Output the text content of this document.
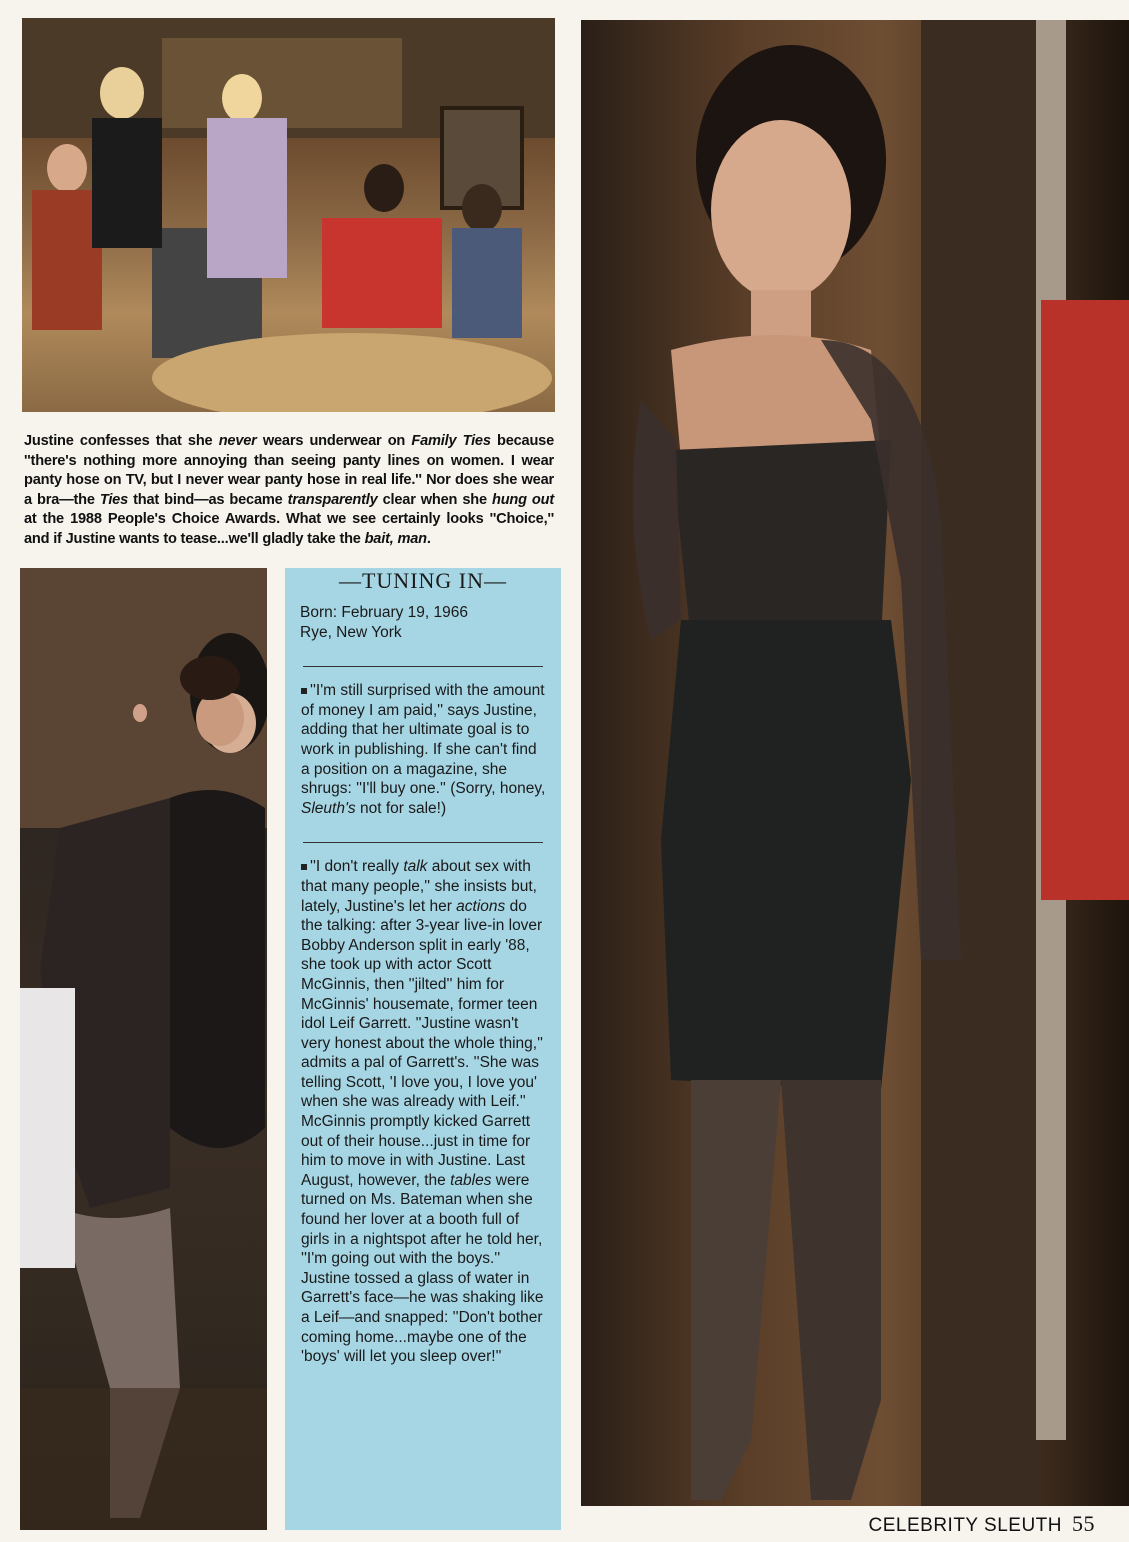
Justine confesses that she never wears underwear on Family Ties because ''there's nothing more annoying than seeing panty lines on women. I wear panty hose on TV, but I never wear panty hose in real life.'' Nor does she wear a bra—the Ties that bind—as became transparently clear when she hung out at the 1988 People's Choice Awards. What we see certainly looks ''Choice,'' and if Justine wants to tease...we'll gladly take the bait, man.
—TUNING IN—
Born: February 19, 1966
Rye, New York
''I'm still surprised with the amount of money I am paid,'' says Justine, adding that her ultimate goal is to work in publishing. If she can't find a position on a magazine, she shrugs: ''I'll buy one.'' (Sorry, honey, Sleuth's not for sale!)
''I don't really talk about sex with that many people,'' she insists but, lately, Justine's let her actions do the talking: after 3-year live-in lover Bobby Anderson split in early '88, she took up with actor Scott McGinnis, then ''jilted'' him for McGinnis' housemate, former teen idol Leif Garrett. ''Justine wasn't very honest about the whole thing,'' admits a pal of Garrett's. ''She was telling Scott, 'I love you, I love you' when she was already with Leif.'' McGinnis promptly kicked Garrett out of their house...just in time for him to move in with Justine. Last August, however, the tables were turned on Ms. Bateman when she found her lover at a booth full of girls in a nightspot after he told her, ''I'm going out with the boys.'' Justine tossed a glass of water in Garrett's face—he was shaking like a Leif—and snapped: ''Don't bother coming home...maybe one of the 'boys' will let you sleep over!''
CELEBRITY SLEUTH 55
